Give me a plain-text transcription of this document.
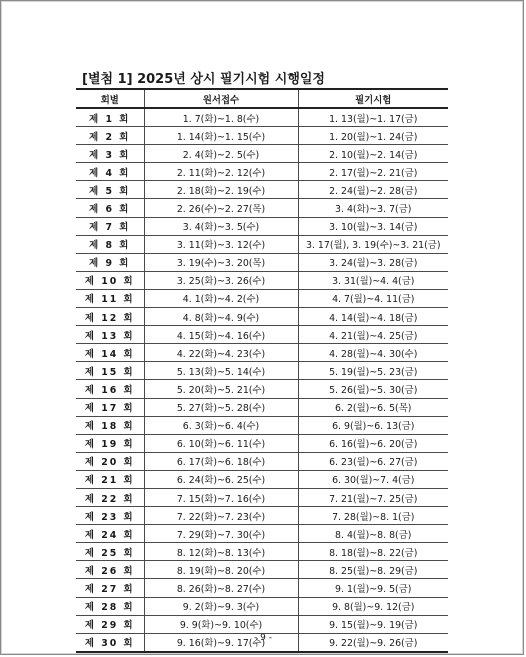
[별첨 1] 2025년 상시 필기시험 시행일정
회별	원서접수	필기시험
제 1 회	1. 7(화)~1. 8(수)	1. 13(월)~1. 17(금)
제 2 회	1. 14(화)~1. 15(수)	1. 20(월)~1. 24(금)
제 3 회	2. 4(화)~2. 5(수)	2. 10(월)~2. 14(금)
제 4 회	2. 11(화)~2. 12(수)	2. 17(월)~2. 21(금)
제 5 회	2. 18(화)~2. 19(수)	2. 24(월)~2. 28(금)
제 6 회	2. 26(수)~2. 27(목)	3. 4(화)~3. 7(금)
제 7 회	3. 4(화)~3. 5(수)	3. 10(월)~3. 14(금)
제 8 회	3. 11(화)~3. 12(수)	3. 17(월), 3. 19(수)~3. 21(금)
제 9 회	3. 19(수)~3. 20(목)	3. 24(월)~3. 28(금)
제 10 회	3. 25(화)~3. 26(수)	3. 31(월)~4. 4(금)
제 11 회	4. 1(화)~4. 2(수)	4. 7(월)~4. 11(금)
제 12 회	4. 8(화)~4. 9(수)	4. 14(월)~4. 18(금)
제 13 회	4. 15(화)~4. 16(수)	4. 21(월)~4. 25(금)
제 14 회	4. 22(화)~4. 23(수)	4. 28(월)~4. 30(수)
제 15 회	5. 13(화)~5. 14(수)	5. 19(월)~5. 23(금)
제 16 회	5. 20(화)~5. 21(수)	5. 26(월)~5. 30(금)
제 17 회	5. 27(화)~5. 28(수)	6. 2(월)~6. 5(목)
제 18 회	6. 3(화)~6. 4(수)	6. 9(월)~6. 13(금)
제 19 회	6. 10(화)~6. 11(수)	6. 16(월)~6. 20(금)
제 20 회	6. 17(화)~6. 18(수)	6. 23(월)~6. 27(금)
제 21 회	6. 24(화)~6. 25(수)	6. 30(월)~7. 4(금)
제 22 회	7. 15(화)~7. 16(수)	7. 21(월)~7. 25(금)
제 23 회	7. 22(화)~7. 23(수)	7. 28(월)~8. 1(금)
제 24 회	7. 29(화)~7. 30(수)	8. 4(월)~8. 8(금)
제 25 회	8. 12(화)~8. 13(수)	8. 18(월)~8. 22(금)
제 26 회	8. 19(화)~8. 20(수)	8. 25(월)~8. 29(금)
제 27 회	8. 26(화)~8. 27(수)	9. 1(월)~9. 5(금)
제 28 회	9. 2(화)~9. 3(수)	9. 8(월)~9. 12(금)
제 29 회	9. 9(화)~9. 10(수)	9. 15(월)~9. 19(금)
제 30 회	9. 16(화)~9. 17(수)	9. 22(월)~9. 26(금)
- 9 -
